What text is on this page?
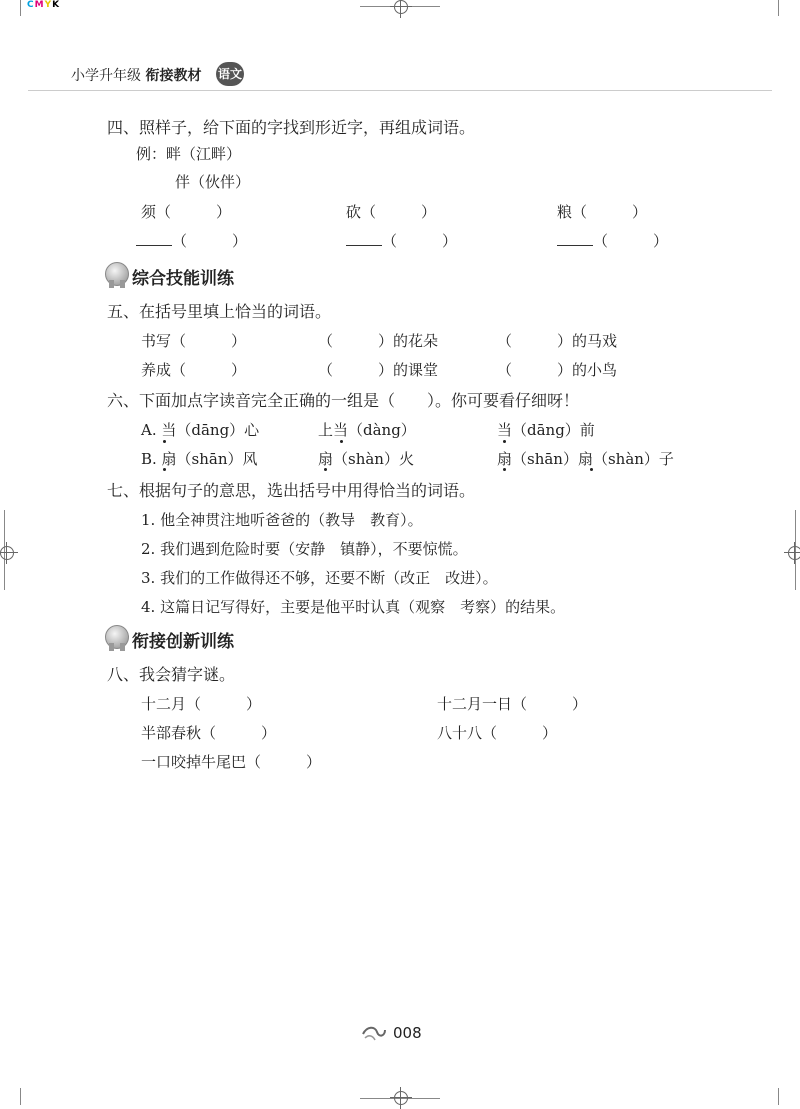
CMYK
小学升年级 衔接教材 语文
四、照样子，给下面的字找到形近字，再组成词语。
例：畔（江畔）
伴（伙伴）
须（　　　）	砍（　　　）	粮（　　　）
（　　　）	（　　　）	（　　　）
综合技能训练
五、在括号里填上恰当的词语。
书写（　　　）	（　　　）的花朵	（　　　）的马戏
养成（　　　）	（　　　）的课堂	（　　　）的小鸟
六、下面加点字读音完全正确的一组是（　　）。你可要看仔细呀！
A. 当（dāng）心	上当（dàng）	当（dāng）前
B. 扇（shān）风	扇（shàn）火	扇（shān）扇（shàn）子
七、根据句子的意思，选出括号中用得恰当的词语。
1. 他全神贯注地听爸爸的（教导　教育）。
2. 我们遇到危险时要（安静　镇静），不要惊慌。
3. 我们的工作做得还不够，还要不断（改正　改进）。
4. 这篇日记写得好，主要是他平时认真（观察　考察）的结果。
衔接创新训练
八、我会猜字谜。
十二月（　　　）	十二月一日（　　　）
半部春秋（　　　）	八十八（　　　）
一口咬掉牛尾巴（　　　）
008
